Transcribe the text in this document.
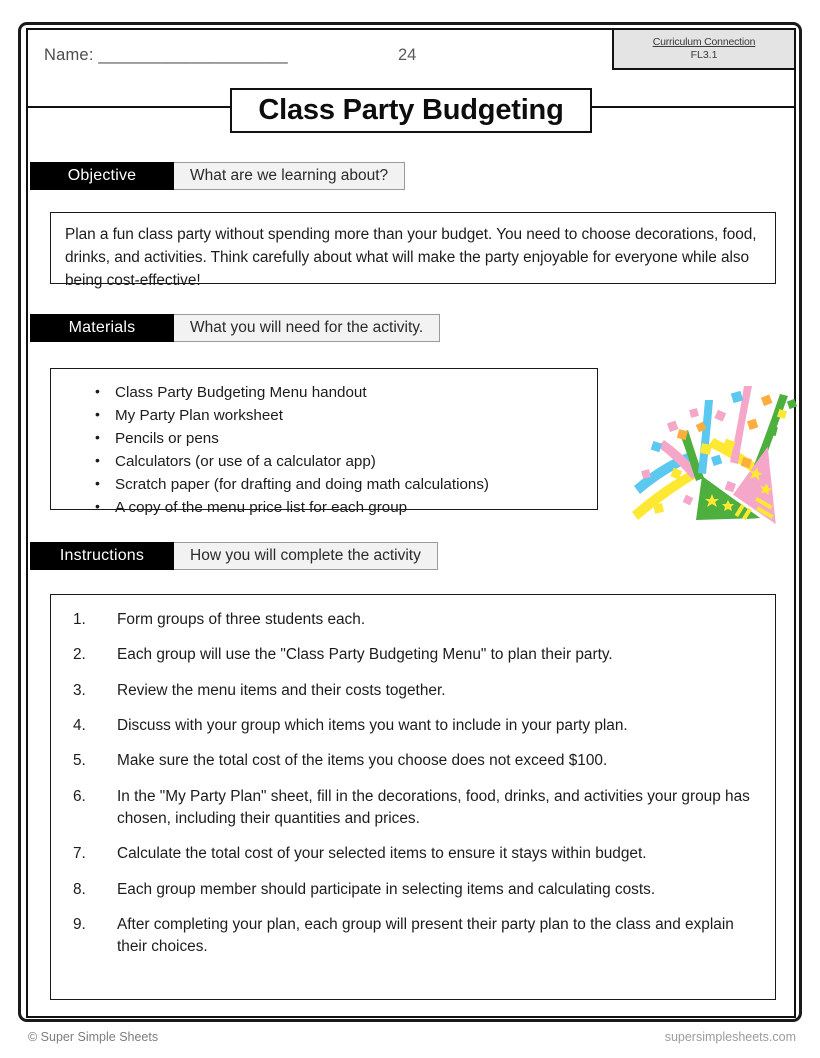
Name: ______________________	24
Curriculum Connection
FL3.1
Class Party Budgeting
Objective	What are we learning about?
Plan a fun class party without spending more than your budget. You need to choose decorations, food, drinks, and activities. Think carefully about what will make the party enjoyable for everyone while also being cost-effective!
Materials	What you will need for the activity.
• Class Party Budgeting Menu handout
• My Party Plan worksheet
• Pencils or pens
• Calculators (or use of a calculator app)
• Scratch paper (for drafting and doing math calculations)
• A copy of the menu price list for each group
Instructions	How you will complete the activity
1. Form groups of three students each.
2. Each group will use the "Class Party Budgeting Menu" to plan their party.
3. Review the menu items and their costs together.
4. Discuss with your group which items you want to include in your party plan.
5. Make sure the total cost of the items you choose does not exceed $100.
6. In the "My Party Plan" sheet, fill in the decorations, food, drinks, and activities your group has chosen, including their quantities and prices.
7. Calculate the total cost of your selected items to ensure it stays within budget.
8. Each group member should participate in selecting items and calculating costs.
9. After completing your plan, each group will present their party plan to the class and explain their choices.
© Super Simple Sheets	supersimplesheets.com
